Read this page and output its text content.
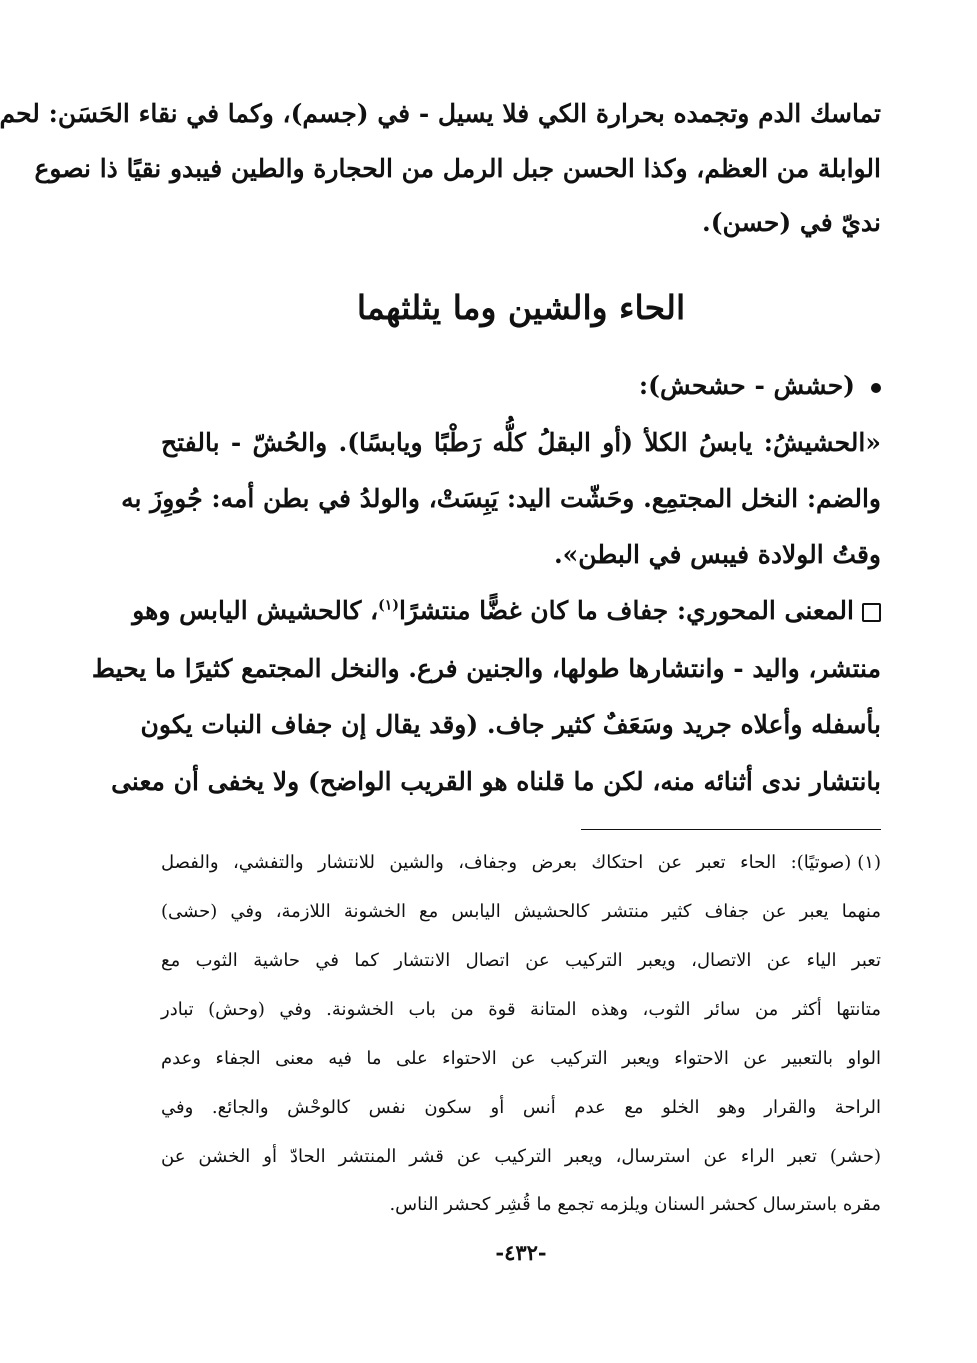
تماسك الدم وتجمده بحرارة الكي فلا يسيل - في (جسم)، وكما في نقاء الحَسَن: لحم
الوابلة من العظم، وكذا الحسن جبل الرمل من الحجارة والطين فيبدو نقيًا ذا نصوع
نديّ في (حسن).
الحاء والشين وما يثلثهما
(حشش - حشحش):
«الحشيشُ: يابسُ الكلأ (أو البقلُ كلُّه رَطْبًا ويابسًا). والحُشّ - بالفتح
والضم: النخل المجتمِع. وحَشّت اليد: يَبِسَتْ، والولدُ في بطن أمه: جُووِزَ به
وقتُ الولادة فيبس في البطن».
المعنى المحوري: جفاف ما كان غضًّا منتشرًا$^{(١)}$، كالحشيش اليابس وهو
منتشر، واليد - وانتشارها طولها، والجنين فرع. والنخل المجتمع كثيرًا ما يحيط
بأسفله وأعلاه جريد وسَعَفٌ كثير جاف. (وقد يقال إن جفاف النبات يكون
بانتشار ندى أثنائه منه، لكن ما قلناه هو القريب الواضح) ولا يخفى أن معنى
(١)(صوتيًا): الحاء تعبر عن احتكاك بعرض وجفاف، والشين للانتشار والتفشي، والفصل
منهما يعبر عن جفاف كثير منتشر كالحشيش اليابس مع الخشونة اللازمة، وفي (حشى)
تعبر الياء عن الاتصال، ويعبر التركيب عن اتصال الانتشار كما في حاشية الثوب مع
متانتها أكثر من سائر الثوب، وهذه المتانة قوة من باب الخشونة. وفي (وحش) تبادر
الواو بالتعبير عن الاحتواء ويعبر التركيب عن الاحتواء على ما فيه معنى الجفاء وعدم
الراحة والقرار وهو الخلو مع عدم أنس أو سكون نفس كالوحْش والجائع. وفي
(حشر) تعبر الراء عن استرسال، ويعبر التركيب عن قشر المنتشر الحادّ أو الخشن عن
مقره باسترسال كحشر السنان ويلزمه تجمع ما قُشِر كحشر الناس.
-٤٣٢-
